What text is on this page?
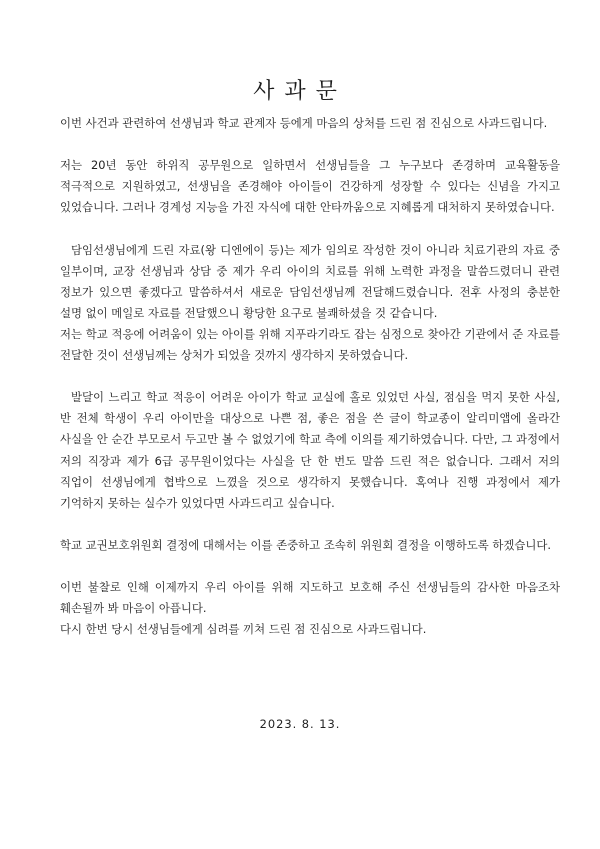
사과문

이번 사건과 관련하여 선생님과 학교 관계자 등에게 마음의 상처를 드린 점 진심으로 사과드립니다.

저는 20년 동안 하위직 공무원으로 일하면서 선생님들을 그 누구보다 존경하며 교육활동을 적극적으로 지원하였고, 선생님을 존경해야 아이들이 건강하게 성장할 수 있다는 신념을 가지고 있었습니다. 그러나 경계성 지능을 가진 자식에 대한 안타까움으로 지혜롭게 대처하지 못하였습니다.

담임선생님에게 드린 자료(왕 디엔에이 등)는 제가 임의로 작성한 것이 아니라 치료기관의 자료 중 일부이며, 교장 선생님과 상담 중 제가 우리 아이의 치료를 위해 노력한 과정을 말씀드렸더니 관련 정보가 있으면 좋겠다고 말씀하셔서 새로운 담임선생님께 전달해드렸습니다. 전후 사정의 충분한 설명 없이 메일로 자료를 전달했으니 황당한 요구로 불쾌하셨을 것 같습니다.

저는 학교 적응에 어려움이 있는 아이를 위해 지푸라기라도 잡는 심정으로 찾아간 기관에서 준 자료를 전달한 것이 선생님께는 상처가 되었을 것까지 생각하지 못하였습니다.

발달이 느리고 학교 적응이 어려운 아이가 학교 교실에 홀로 있었던 사실, 점심을 먹지 못한 사실, 반 전체 학생이 우리 아이만을 대상으로 나쁜 점, 좋은 점을 쓴 글이 학교종이 알리미앱에 올라간 사실을 안 순간 부모로서 두고만 볼 수 없었기에 학교 측에 이의를 제기하였습니다. 다만, 그 과정에서 저의 직장과 제가 6급 공무원이었다는 사실을 단 한 번도 말씀 드린 적은 없습니다. 그래서 저의 직업이 선생님에게 협박으로 느꼈을 것으로 생각하지 못했습니다. 혹여나 진행 과정에서 제가 기억하지 못하는 실수가 있었다면 사과드리고 싶습니다.

학교 교권보호위원회 결정에 대해서는 이를 존중하고 조속히 위원회 결정을 이행하도록 하겠습니다.

이번 불찰로 인해 이제까지 우리 아이를 위해 지도하고 보호해 주신 선생님들의 감사한 마음조차 훼손될까 봐 마음이 아픕니다.

다시 한번 당시 선생님들에게 심려를 끼쳐 드린 점 진심으로 사과드립니다.

2023. 8. 13.
